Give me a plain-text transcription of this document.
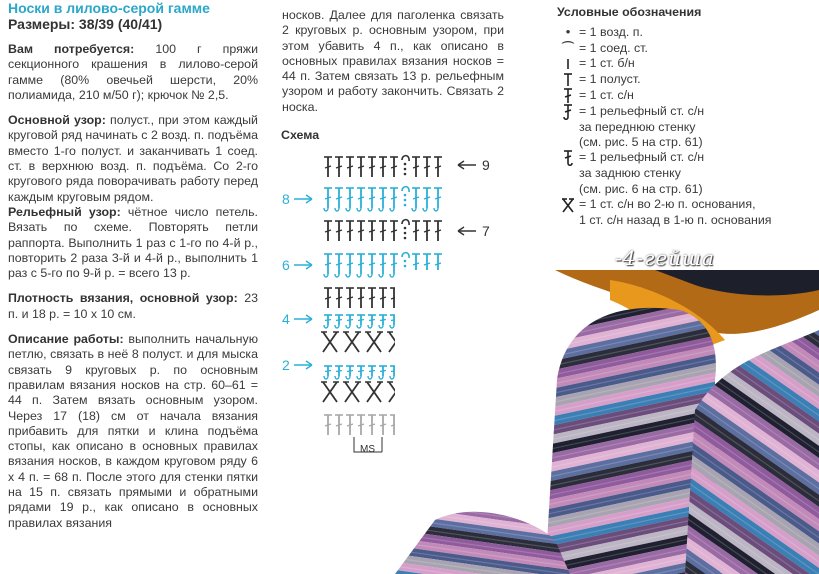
Носки в лилово-серой гамме

Размеры: 38/39 (40/41)

Вам потребуется: 100 г пряжи секционного крашения в лилово-серой гамме (80% овечьей шерсти, 20% полиамида, 210 м/50 г); крючок № 2,5.

Основной узор: полуст., при этом каждый круговой ряд начинать с 2 возд. п. подъёма вместо 1-го полуст. и заканчивать 1 соед. ст. в верхнюю возд. п. подъёма. Со 2-го кругового ряда поворачивать работу перед каждым круговым рядом.

Рельефный узор: чётное число петель. Вязать по схеме. Повторять петли раппорта. Выполнить 1 раз с 1-го по 4-й р., повторить 2 раза 3-й и 4-й р., выполнить 1 раз с 5-го по 9-й р. = всего 13 р.

Плотность вязания, основной узор: 23 п. и 18 р. = 10 х 10 см.

Описание работы: выполнить начальную петлю, связать в неё 8 полуст. и для мыска связать 9 круговых р. по основным правилам вязания носков на стр. 60–61 = 44 п. Затем вязать основным узором. Через 17 (18) см от начала вязания прибавить для пятки и клина подъёма стопы, как описано в основных правилах вязания носков, в каждом круговом ряду 6 х 4 п. = 68 п. После этого для стенки пятки на 15 п. связать прямыми и обратными рядами 19 р., как описано в основных правилах вязания

носков. Далее для паголенка связать 2 круговых р. основным узором, при этом убавить 4 п., как описано в основных правилах вязания носков = 44 п. Затем связать 13 р. рельефным узором и работу закончить. Связать 2 носка.

Схема
9
8
7
6
4
2
MS

Условные обозначения

• = 1 возд. п.
⌒ = 1 соед. ст.
= 1 ст. б/н
= 1 полуст.
= 1 ст. с/н
= 1 рельефный ст. с/н
за переднюю стенку
(см. рис. 5 на стр. 61)
= 1 рельефный ст. с/н
за заднюю стенку
(см. рис. 6 на стр. 61)
= 1 ст. с/н во 2-ю п. основания,
1 ст. с/н назад в 1-ю п. основания
-4-гейша
